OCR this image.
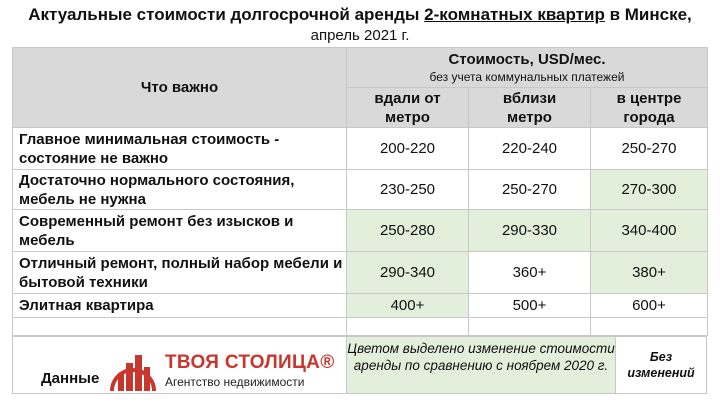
Актуальные стоимости долгосрочной аренды 2-комнатных квартир в Минске,
апрель 2021 г.
Что важно	Стоимость, USD/мес.
без учета коммунальных платежей		

	вдали от метро	вблизи метро	в центре города
Главное минимальная стоимость - состояние не важно	200-220	220-240	250-270
Достаточно нормального состояния, мебель не нужна	230-250	250-270	270-300
Современный ремонт без изысков и мебель	250-280	290-330	340-400
Отличный ремонт, полный набор мебели и бытовой техники	290-340	360+	380+
Элитная квартира	400+	500+	600+

Данные
ТВОЯ СТОЛИЦА®
Агентство недвижимости
Цветом выделено изменение стоимости аренды по сравнению с ноябрем 2020 г.
Без изменений
